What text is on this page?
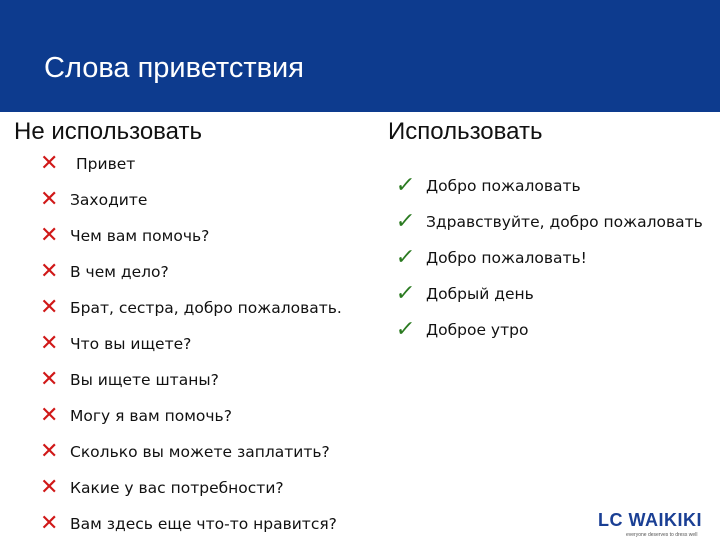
Слова приветствия
Не использовать	Использовать
✕ Привет
✕ Заходите
✕ Чем вам помочь?
✕ В чем дело?
✕ Брат, сестра, добро пожаловать.
✕ Что вы ищете?
✕ Вы ищете штаны?
✕ Могу я вам помочь?
✕ Сколько вы можете заплатить?
✕ Какие у вас потребности?
✕ Вам здесь еще что-то нравится?
✓ Добро пожаловать
✓ Здравствуйте, добро пожаловать
✓ Добро пожаловать!
✓ Добрый день
✓ Доброе утро
LC WAIKIKI
everyone deserves to dress well
